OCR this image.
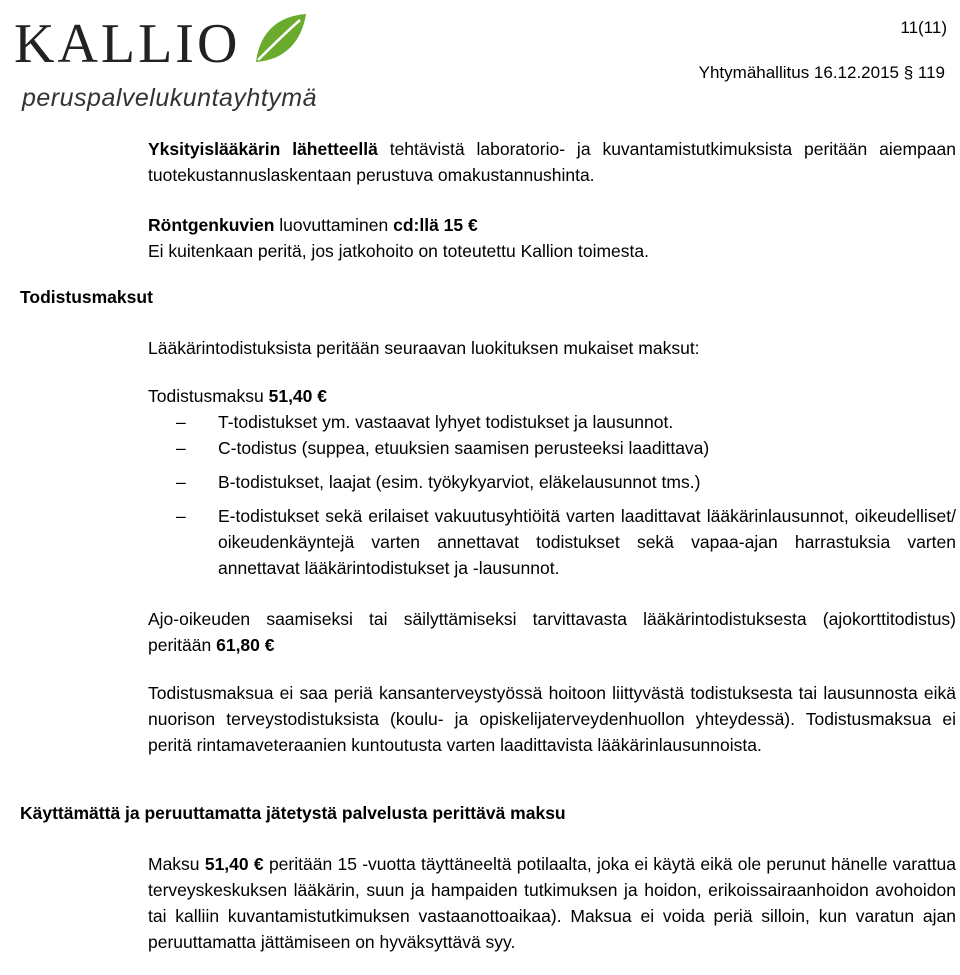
KALLIO
peruspalvelukuntayhtymä
11(11)
Yhtymähallitus 16.12.2015 § 119
Yksityislääkärin lähetteellä tehtävistä laboratorio- ja kuvantamistutkimuksista peritään aiempaan tuotekustannuslaskentaan perustuva omakustannushinta.
Röntgenkuvien luovuttaminen cd:llä 15 €
Ei kuitenkaan peritä, jos jatkohoito on toteutettu Kallion toimesta.
Todistusmaksut
Lääkärintodistuksista peritään seuraavan luokituksen mukaiset maksut:
Todistusmaksu 51,40 €
– T-todistukset ym. vastaavat lyhyet todistukset ja lausunnot.
– C-todistus (suppea, etuuksien saamisen perusteeksi laadittava)
– B-todistukset, laajat (esim. työkykyarviot, eläkelausunnot tms.)
– E-todistukset sekä erilaiset vakuutusyhtiöitä varten laadittavat lääkärinlausunnot, oikeudelliset/ oikeudenkäyntejä varten annettavat todistukset sekä vapaa-ajan harrastuksia varten annettavat lääkärintodistukset ja -lausunnot.
Ajo-oikeuden saamiseksi tai säilyttämiseksi tarvittavasta lääkärintodistuksesta (ajokorttitodistus) peritään 61,80 €
Todistusmaksua ei saa periä kansanterveystyössä hoitoon liittyvästä todistuksesta tai lausunnosta eikä nuorison terveystodistuksista (koulu- ja opiskelijaterveydenhuollon yhteydessä). Todistusmaksua ei peritä rintamaveteraanien kuntoutusta varten laadittavista lääkärinlausunnoista.
Käyttämättä ja peruuttamatta jätetystä palvelusta perittävä maksu
Maksu 51,40 € peritään 15 -vuotta täyttäneeltä potilaalta, joka ei käytä eikä ole perunut hänelle varattua terveyskeskuksen lääkärin, suun ja hampaiden tutkimuksen ja hoidon, erikoissairaanhoidon avohoidon tai kalliin kuvantamistutkimuksen vastaanottoaikaa). Maksua ei voida periä silloin, kun varatun ajan peruuttamatta jättämiseen on hyväksyttävä syy.
